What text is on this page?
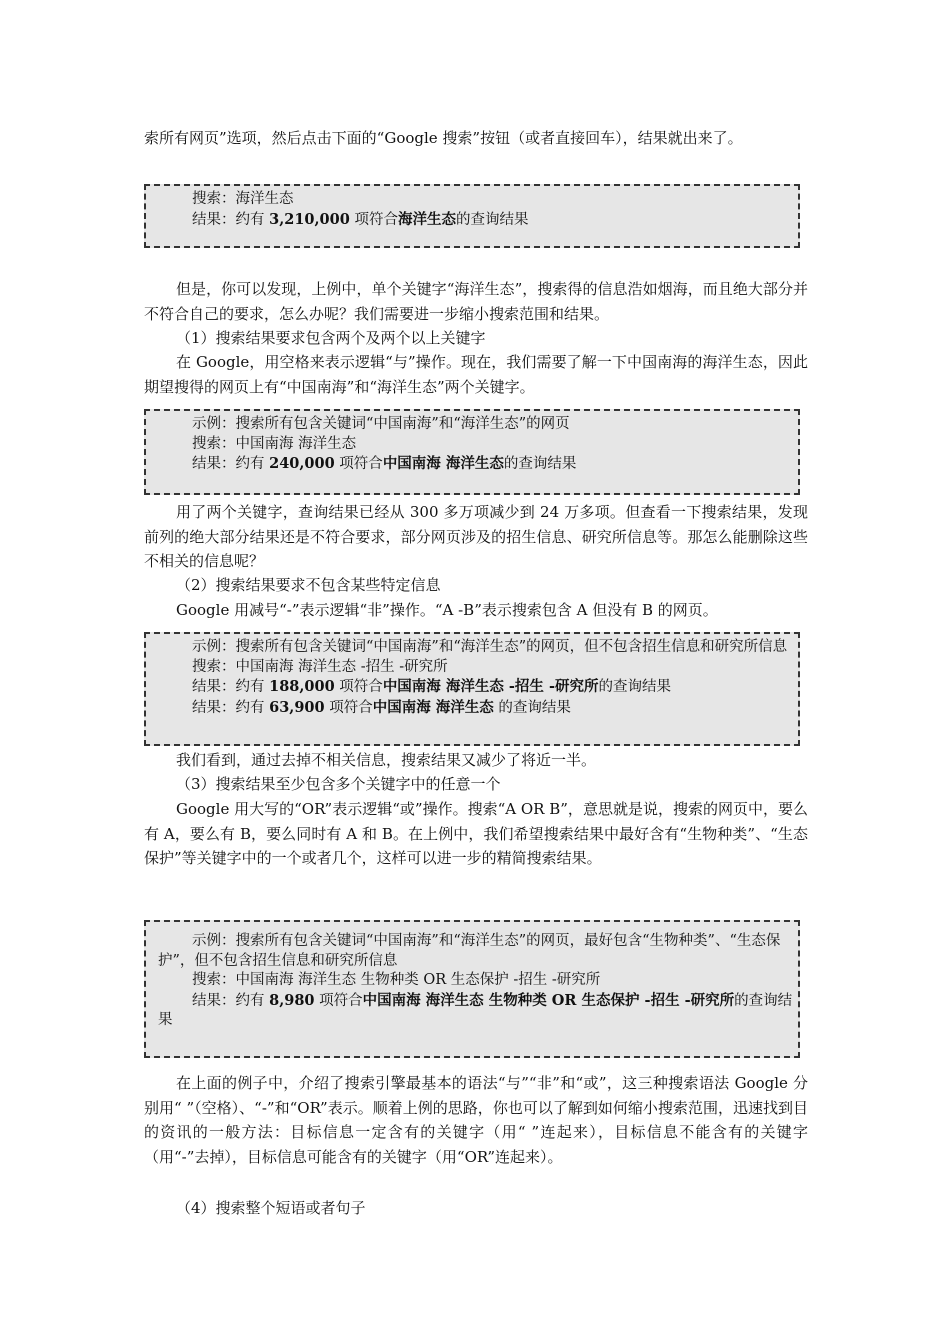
索所有网页”选项，然后点击下面的“Google 搜索”按钮（或者直接回车），结果就出来了。

搜索：海洋生态

结果：约有 3,210,000 项符合海洋生态的查询结果

但是，你可以发现，上例中，单个关键字“海洋生态”，搜索得的信息浩如烟海，而且绝大部分并不符合自己的要求，怎么办呢？我们需要进一步缩小搜索范围和结果。

（1）搜索结果要求包含两个及两个以上关键字

在 Google，用空格来表示逻辑“与”操作。现在，我们需要了解一下中国南海的海洋生态，因此期望搜得的网页上有“中国南海”和“海洋生态”两个关键字。

示例：搜索所有包含关键词“中国南海”和“海洋生态”的网页

搜索：中国南海 海洋生态

结果：约有 240,000 项符合中国南海 海洋生态的查询结果

用了两个关键字，查询结果已经从 300 多万项减少到 24 万多项。但查看一下搜索结果，发现前列的绝大部分结果还是不符合要求，部分网页涉及的招生信息、研究所信息等。那怎么能删除这些不相关的信息呢？

（2）搜索结果要求不包含某些特定信息

Google 用减号“-”表示逻辑“非”操作。“A -B”表示搜索包含 A 但没有 B 的网页。

示例：搜索所有包含关键词“中国南海”和“海洋生态”的网页，但不包含招生信息和研究所信息

搜索：中国南海 海洋生态 -招生 -研究所

结果：约有 188,000 项符合中国南海 海洋生态 -招生 -研究所的查询结果

结果：约有 63,900 项符合中国南海 海洋生态 的查询结果

我们看到，通过去掉不相关信息，搜索结果又减少了将近一半。

（3）搜索结果至少包含多个关键字中的任意一个

Google 用大写的“OR”表示逻辑“或”操作。搜索“A OR B”，意思就是说，搜索的网页中，要么有 A，要么有 B，要么同时有 A 和 B。在上例中，我们希望搜索结果中最好含有“生物种类”、“生态保护”等关键字中的一个或者几个，这样可以进一步的精简搜索结果。

示例：搜索所有包含关键词“中国南海”和“海洋生态”的网页，最好包含“生物种类”、“生态保护”，但不包含招生信息和研究所信息

搜索：中国南海 海洋生态 生物种类 OR 生态保护 -招生 -研究所

结果：约有 8,980 项符合中国南海 海洋生态 生物种类 OR 生态保护 -招生 -研究所的查询结果

在上面的例子中，介绍了搜索引擎最基本的语法“与”“非”和“或”，这三种搜索语法 Google 分别用“ ”（空格）、“-”和“OR”表示。顺着上例的思路，你也可以了解到如何缩小搜索范围，迅速找到目的资讯的一般方法：目标信息一定含有的关键字（用“ ”连起来），目标信息不能含有的关键字（用“-”去掉），目标信息可能含有的关键字（用“OR”连起来）。

（4）搜索整个短语或者句子
